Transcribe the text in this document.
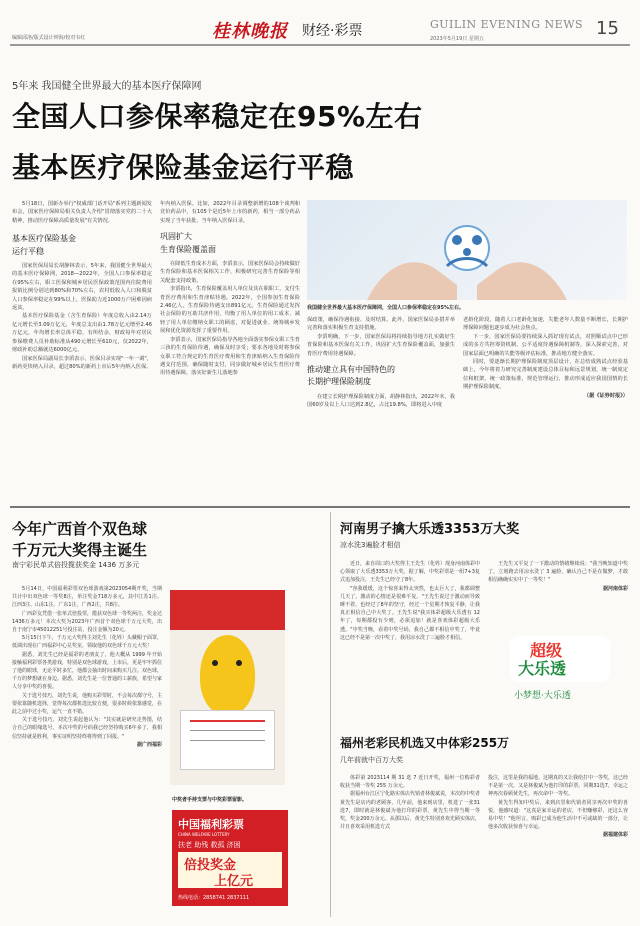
编辑邱洛/版式设计钟海/校对韦红	桂林晚报	财经·彩票	GUILIN EVENING NEWS
2023年5月19日 星期五	15
5年来 我国健全世界最大的基本医疗保障网
全国人口参保率稳定在95%左右
基本医疗保险基金运行平稳

5月18日，国新办举行"权威部门话开局"系列主题新闻发布会，国家医疗保障局相关负责人介绍"贯彻落实党的二十大精神，推动医疗保障高质量发展"有关情况。

基本医疗保险基金

运行平稳

国家医保局局长胡静林表示，5年来，我国健全世界最大的基本医疗保障网，2018—2022年，全国人口参保率稳定在95%左右，职工医保和城乡居民医保政策范围内住院费用报销比例分别达到80%和70%左右，农村低收入人口和脱贫人口参保率稳定在99%以上，医保助力近1000万户困难因病返贫。

基本医疗保险基金（含生育保险）年度总收入由2.14万亿元增长至3.09万亿元，年度总支出由1.78万亿元增至2.46万亿元，年均增长率总体平稳，有所结余，财政每年对居民参保缴费人员补助标准从490元增长至610元，仅2022年，财政补助总额就达6000亿元。

国家医保局副局长李滔表示，医保目录实现"一年一调"，新药更快纳入目录，超过80%的新药上市后5年内纳入医保。

年内纳入医保。比如，2022年目录调整新增的108个谈判和竞价药品中，有105个是近5年上市的新药，相当一部分药品实现了当年获批、当年纳入医保目录。

巩固扩大

生育保险覆盖面

在降低生育成本方面，李滔表示，国家医保局会持续做好生育保险和基本医保相关工作，积极研究完善生育保险等相关配套支持政策。

李滔指出，生育保险覆盖用人单位及其在职职工，支付生育医疗费用和生育津贴待遇。2022年，全国参加生育保险2.46亿人，生育保险待遇支出891亿元，生育保险通过发挥社会保险的互助共济作用，均衡了用人单位的用工成本，减轻了用人单位缴纳女职工的顾虑，对促进就业、统筹城乡发展和优化资源发挥了重要作用。

李滔表示，国家医保局指导各地全面落实参保女职工生育三孩的生育保险待遇，确保及时享受；要求各地及时将参保女职工符合规定的生育医疗费用和生育津贴纳入生育保险待遇支付范围，确保随时支付，同步做好城乡居民生育医疗费用待遇保障，落实好新生儿落地参

我国健全世界最大基本医疗保障网，全国人口参保率稳定在95%左右。

保政策，确保待遇衔接、及时结算。此外，国家医保局多措并举完善和落实积极生育支持措施。

李滔明确，下一步，国家医保局将持续指导地方扎实做好生育保险和基本医保有关工作，巩固扩大生育保险覆盖面，加强生育医疗费用待遇保障。

推动建立具有中国特色的

长期护理保险制度

在建立长期护理保险制度方面，胡静林指出，2022年末，我国60岁及以上人口达到2.8亿，占比19.8%，即将进入中度

老龄化阶段，随着人口老龄化加速，失能老年人数量不断增长，长期护理保障问题也逐步成为社会焦点。

下一步，国家医保局要持续深入抓好现有试点，对照顺试点中已形成的多方共担筹资机制、公平适度待遇保障机制等，深入探索完善，对国家层面已明确的失能等级评估标准，推动地方健全落实。

同时，要逐渐长期护理保险制度顶层设计，在总结成熟试点经验基础上，今年将着力研究完善制度建设总体目标和远景规划，统一制度定位和框架，统一政策标准，规范管理运行，推动形成适应我国国情的长期护理保险制度。

（据《证券时报》）

今年广西首个双色球
千万元大奖得主诞生
南宁彩民单式倍投揽获奖金 1436 万多元

5月14日，中国福利彩票双色球游戏第2023054期开奖，当期共计中出双色球一等奖8注，单注奖金718万多元，其中江苏1注、江西3注、山东1注、广东1注，广西2注，共8注。

广西彩友凭借一张单式倍投票，揽获双色球一等奖两注，奖金达1436万多元！本次大奖为2023年广西首个双色球千万元大奖，出自于南宁市45012251号投注站，投注金额为20元。

5月15日下午，千万元大奖得主刘先生（化姓）头戴帽子面罩，低调出现在广西福彩中心兑奖室，领取他的双色球千万元大奖！

据悉，刘先生已经是福彩的老朋友了，他大概从 1999 年开始接触福利彩票各类游戏，特别是双色球游戏，上市后，更是牢牢抓住了他的眼球，无论平时多忙，他都会抽出时间来购买几注。双色球，千万的梦想就在身边。据悉，刘先生是一位普通的工薪族，希望与家人分享中奖的喜悦。

关于选号技巧，刘先生说，他购买彩票时，不会每次都守号，主要依靠随机选择，觉得每次都机选比较方便，很多时候依靠感觉，在此之前中过小奖，运气一直不错。

关于选号技巧，刘先生说起他认为："其实就是研究走势图，结合自己的眼缘选号，本次中奖的号码我已经坚持购买6年多了，我相信坚持就是胜利，事实证明坚持终将得到了回报。"

据广西福彩

中奖者手持支票与中奖彩票留影。
中国福利彩票
CHINA WELFARE LOTTERY
扶老 助残 救孤 济困
倍投奖金
上亿元
热线电话：2858741 2837111
河南男子擒大乐透3353万大奖
凉水洗3遍脸才相信

近日，来自周口的大奖得主王先生（化姓）现身河南体彩中心领取了大乐透3353万大奖。据了解，中奖彩票是一组7+3复式追加投注，王先生已经守了8年。

"容我缓缓，这个惊喜来得太突然，也太巨大了，我都调整几天了，激动的心情还是很难平复。"王先生说过于激动而导致睡不着，也经过了8年的坚守，经过一个星期才恢复平静，让我真正相信自己中大奖了。王先生说"我买体彩超级大乐透有 12 年了，每期都投有少则，必须追加！就是喜欢体彩超级大乐透。"中奖当晚，看着中奖号码，我自己都不相信中奖了，毕竟这已经不是第一次中奖了，我用凉水洗了三遍脸才相信。

王先生又平复了一下激动的情绪继续说："我当晚知道中奖了，立刻跑去用凉水洗了 3 遍脸，确认自己不是在做梦，才敢相信确确实实中了一等奖！"

据河南体彩

超级
大乐透
小梦想·大乐透
福州老彩民机选又中体彩255万
几年前就中百万大奖

体彩第 2023114 期 31 选 7 近日开奖，福州一位购彩者收获当期一等奖 255 万余元。

据福州台江区宁化路实体店代销者林俊斌说，本次的中奖者黄先生是店内的老顾客，几年前，他来到店里，机选了一张31选7，即时就是林俊斌为他打印的彩票，黄先生中得当期一等奖，奖金200万余元。从那以后，黄先生特别喜欢光顾实体店，并且喜欢采用机选方式

投注，这里是我的福地。这期真的又让我给打中一等奖，这已经不是第一次，又是林俊斌为他打印的彩票，同期31选7，幸运之神再次眷顾黄先生，再次命中一等奖。

黄先生得知中奖后，来到店里和代销者同享再次中奖的喜悦，他感叹道："这真是家幸运的老店，不但赚够彩，还这么容易中奖！"他坦言，购彩已成为他生活中不可或缺的一部分，让他多次收获惊喜与幸运。

据福建体彩
